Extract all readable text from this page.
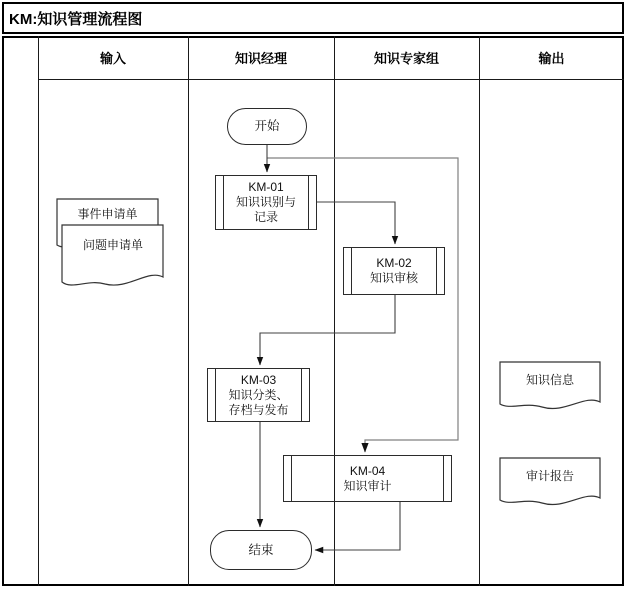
KM:知识管理流程图
输入	知识经理	知识专家组	输出
开始
KM-01
知识识别与
记录
KM-02
知识审核
KM-03
知识分类、
存档与发布
KM-04
知识审计
结束
事件申请单
问题申请单
知识信息
审计报告
